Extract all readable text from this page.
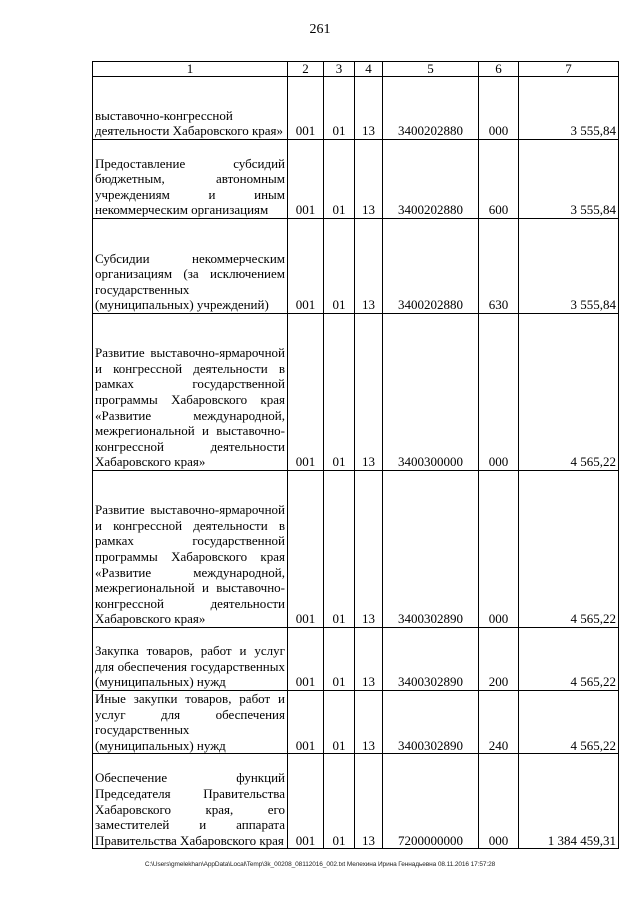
261
1	2	3	4	5	6	7
выставочно-конгрессной деятельности Хабаровского края»	001	01	13	3400202880	000	3 555,84
Предоставление субсидий бюджетным, автономным учреждениям и иным некоммерческим организациям	001	01	13	3400202880	600	3 555,84
Субсидии некоммерческим организациям (за исключением государственных (муниципальных) учреждений)	001	01	13	3400202880	630	3 555,84
Развитие выставочно-ярмарочной и конгрессной деятельности в рамках государственной программы Хабаровского края «Развитие международной, межрегиональной и выставочно-конгрессной деятельности Хабаровского края»	001	01	13	3400300000	000	4 565,22
Развитие выставочно-ярмарочной и конгрессной деятельности в рамках государственной программы Хабаровского края «Развитие международной, межрегиональной и выставочно-конгрессной деятельности Хабаровского края»	001	01	13	3400302890	000	4 565,22
Закупка товаров, работ и услуг для обеспечения государственных (муниципальных) нужд	001	01	13	3400302890	200	4 565,22
Иные закупки товаров, работ и услуг для обеспечения государственных (муниципальных) нужд	001	01	13	3400302890	240	4 565,22
Обеспечение функций Председателя Правительства Хабаровского края, его заместителей и аппарата Правительства Хабаровского края	001	01	13	7200000000	000	1 384 459,31
C:\Users\gmelekhan\AppData\Local\Temp\3k_00208_08112016_002.txt Мелехина Ирина Геннадьевна 08.11.2016 17:57:28
